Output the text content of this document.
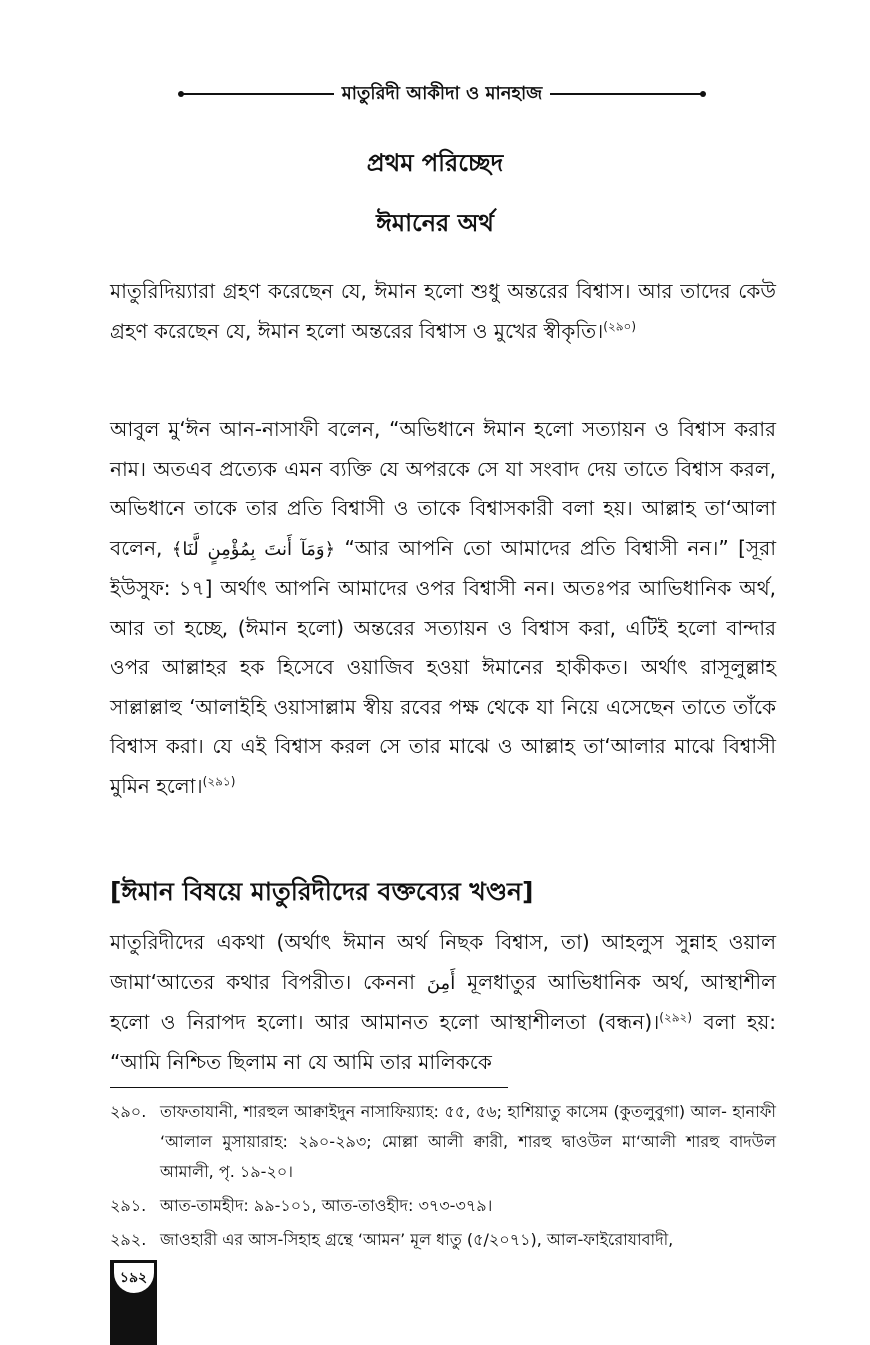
মাতুরিদী আকীদা ও মানহাজ
প্রথম পরিচ্ছেদ
ঈমানের অর্থ

মাতুরিদিয়্যারা গ্রহণ করেছেন যে, ঈমান হলো শুধু অন্তরের বিশ্বাস। আর তাদের কেউ গ্রহণ করেছেন যে, ঈমান হলো অন্তরের বিশ্বাস ও মুখের স্বীকৃতি।$^{(২৯০)}$

আবুল মু‘ঈন আন-নাসাফী বলেন, “অভিধানে ঈমান হলো সত্যায়ন ও বিশ্বাস করার নাম। অতএব প্রত্যেক এমন ব্যক্তি যে অপরকে সে যা সংবাদ দেয় তাতে বিশ্বাস করল, অভিধানে তাকে তার প্রতি বিশ্বাসী ও তাকে বিশ্বাসকারী বলা হয়। আল্লাহ তা‘আলা বলেন, ﴿وَمَآ أَنتَ بِمُؤْمِنٍ لَّنَا﴾ “আর আপনি তো আমাদের প্রতি বিশ্বাসী নন।” [সূরা ইউসুফ: ১৭] অর্থাৎ আপনি আমাদের ওপর বিশ্বাসী নন। অতঃপর আভিধানিক অর্থ, আর তা হচ্ছে, (ঈমান হলো) অন্তরের সত্যায়ন ও বিশ্বাস করা, এটিই হলো বান্দার ওপর আল্লাহর হক হিসেবে ওয়াজিব হওয়া ঈমানের হাকীকত। অর্থাৎ রাসূলুল্লাহ সাল্লাল্লাহু ‘আলাইহি ওয়াসাল্লাম স্বীয় রবের পক্ষ থেকে যা নিয়ে এসেছেন তাতে তাঁকে বিশ্বাস করা। যে এই বিশ্বাস করল সে তার মাঝে ও আল্লাহ তা‘আলার মাঝে বিশ্বাসী মুমিন হলো।$^{(২৯১)}$

[ঈমান বিষয়ে মাতুরিদীদের বক্তব্যের খণ্ডন]

মাতুরিদীদের একথা (অর্থাৎ ঈমান অর্থ নিছক বিশ্বাস, তা) আহলুস সুন্নাহ ওয়াল জামা‘আতের কথার বিপরীত। কেননা أَمِنَ মূলধাতুর আভিধানিক অর্থ, আস্থাশীল হলো ও নিরাপদ হলো। আর আমানত হলো আস্থাশীলতা (বন্ধন)।$^{(২৯২)}$ বলা হয়: “আমি নিশ্চিত ছিলাম না যে আমি তার মালিককে

২৯০. তাফতাযানী, শারহুল আক্বাইদুন নাসাফিয়্যাহ: ৫৫, ৫৬; হাশিয়াতু কাসেম (কুতলুবুগা) আল- হানাফী ‘আলাল মুসায়ারাহ: ২৯০-২৯৩; মোল্লা আলী ক্বারী, শারহু দ্বাওউল মা‘আলী শারহু বাদউল আমালী, পৃ. ১৯-২০।
২৯১. আত-তামহীদ: ৯৯-১০১, আত-তাওহীদ: ৩৭৩-৩৭৯।
২৯২. জাওহারী এর আস-সিহাহ গ্রন্থে ‘আমন’ মূল ধাতু (৫/২০৭১), আল-ফাইরোযাবাদী,
১৯২
